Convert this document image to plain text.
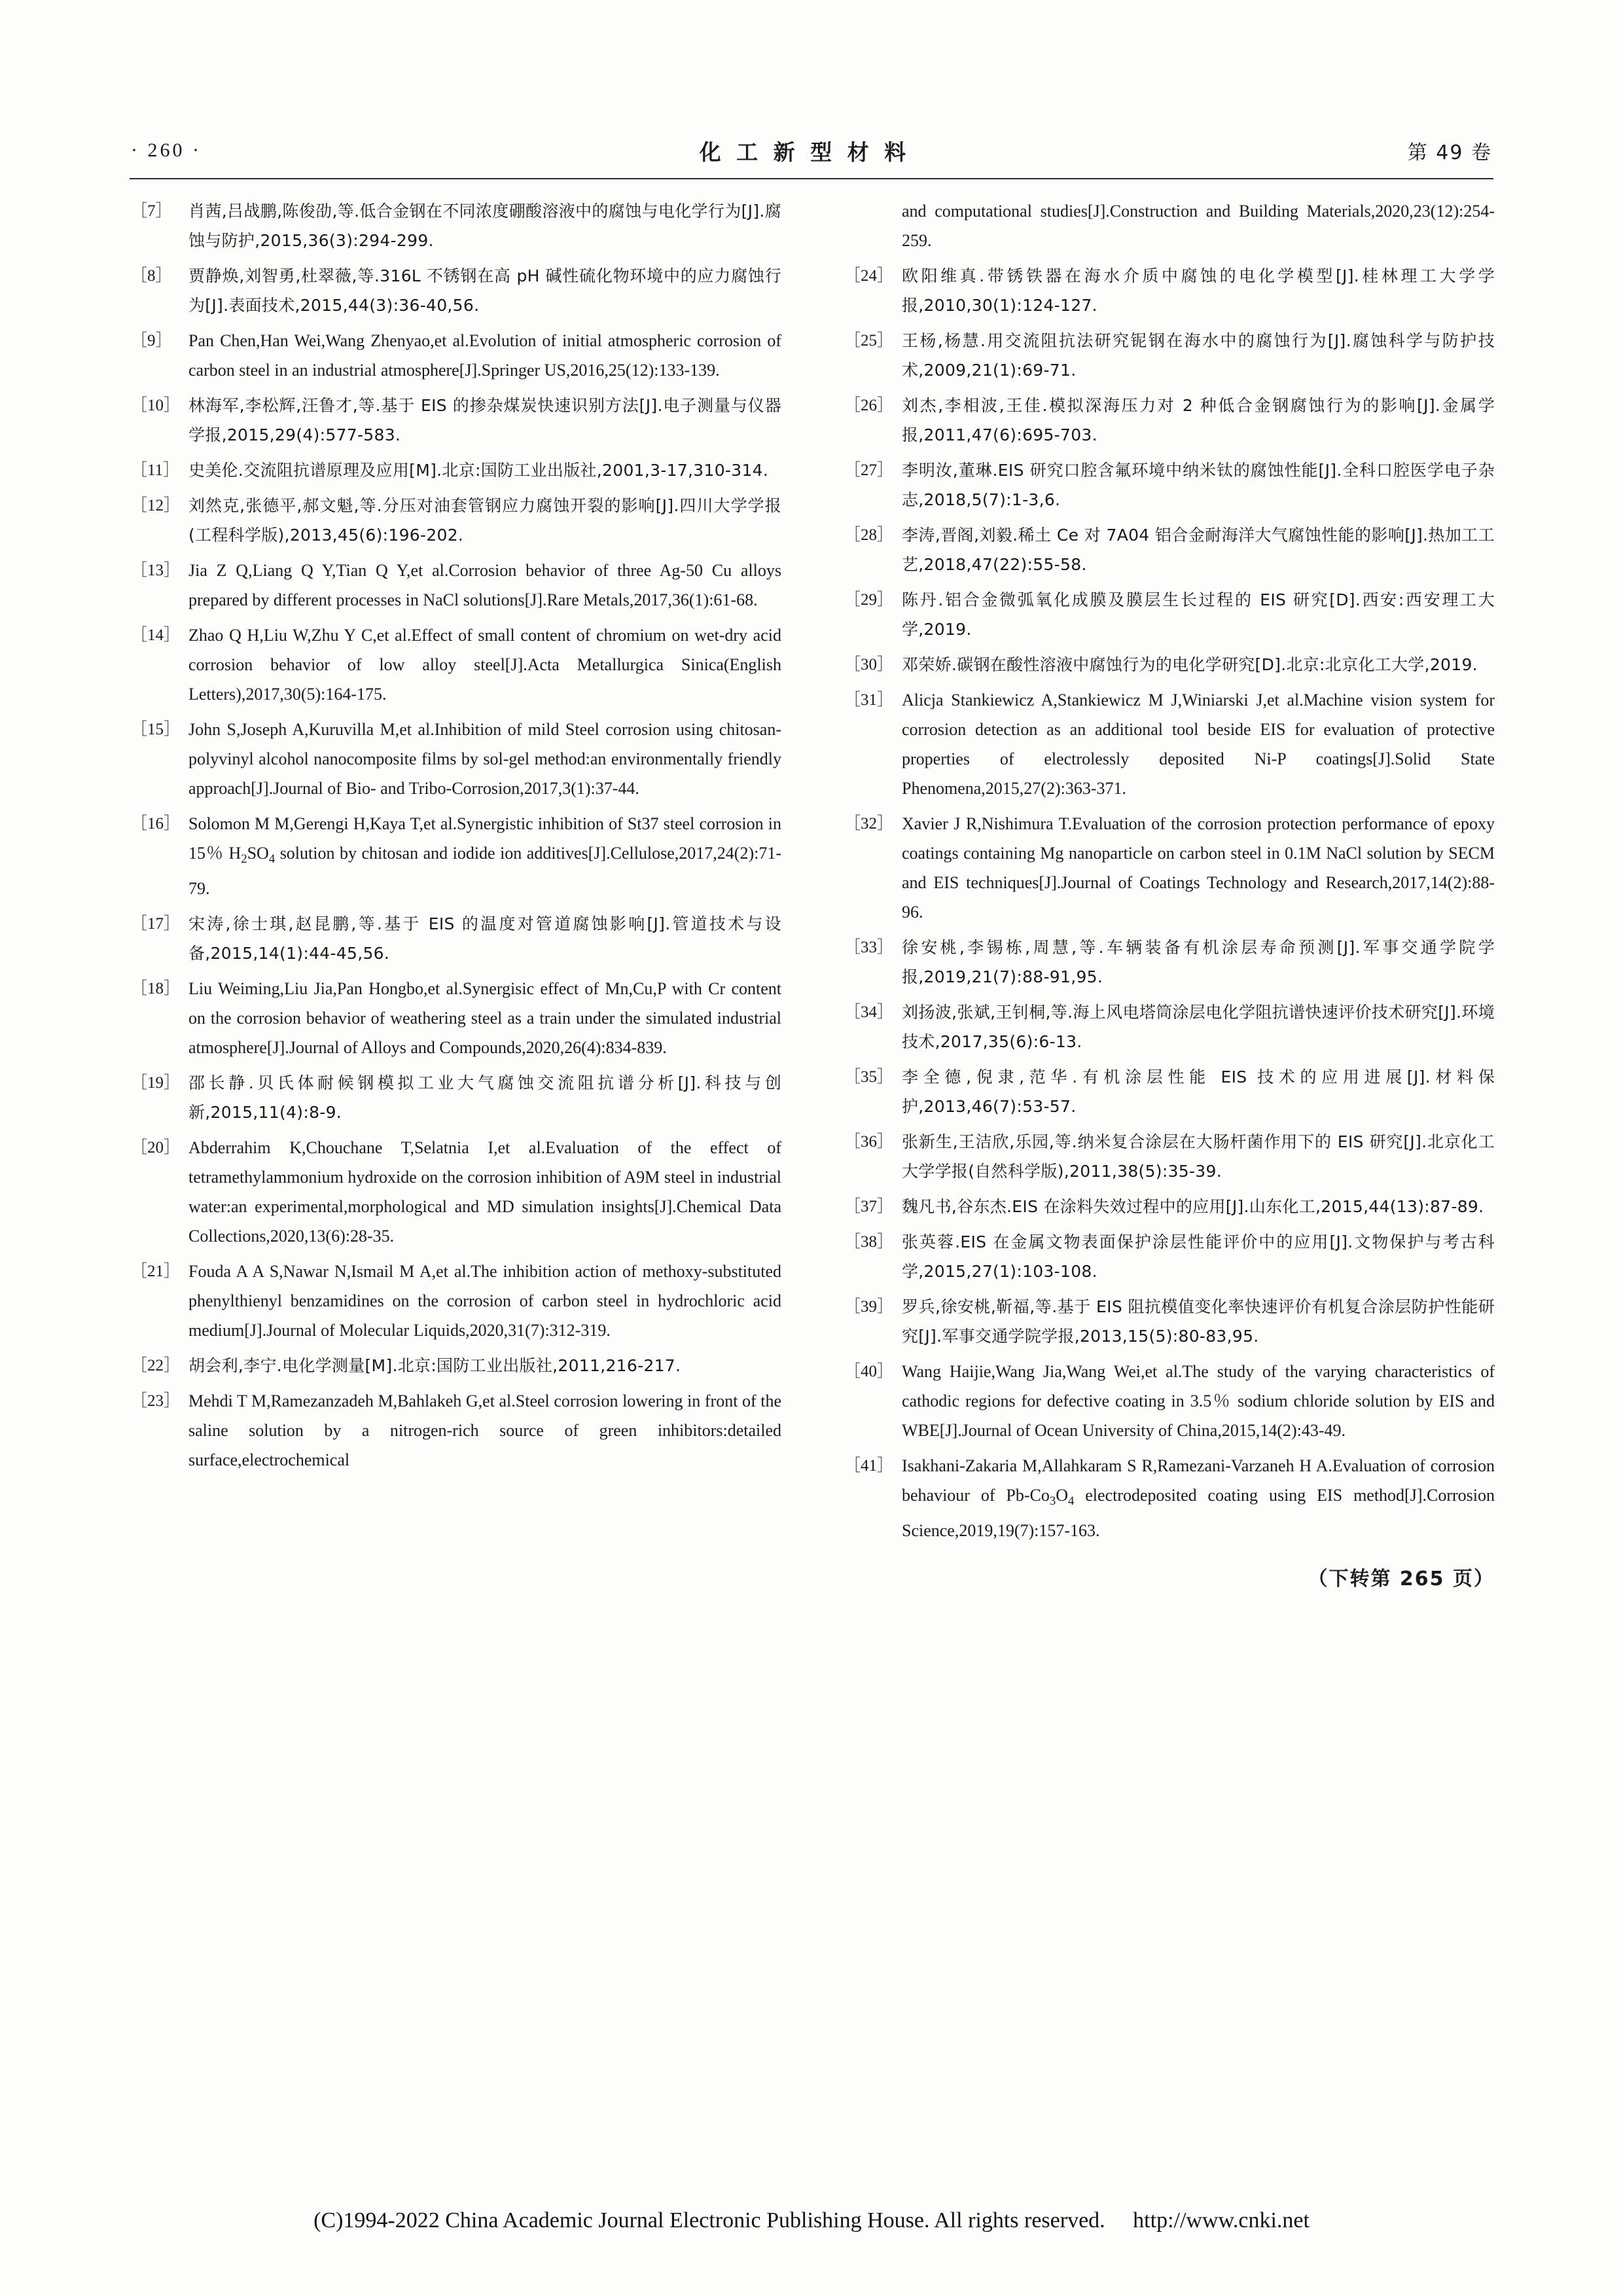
· 260 ·	化 工 新 型 材 料	第 49 卷
［7］	肖茜,吕战鹏,陈俊劭,等.低合金钢在不同浓度硼酸溶液中的腐蚀与电化学行为[J].腐蚀与防护,2015,36(3):294-299.
［8］	贾静焕,刘智勇,杜翠薇,等.316L 不锈钢在高 pH 碱性硫化物环境中的应力腐蚀行为[J].表面技术,2015,44(3):36-40,56.
［9］ Pan Chen,Han Wei,Wang Zhenyao,et al.Evolution of initial atmospheric corrosion of carbon steel in an industrial atmosphere[J].Springer US,2016,25(12):133-139.
［10］ 林海军,李松辉,汪鲁才,等.基于 EIS 的掺杂煤炭快速识别方法[J].电子测量与仪器学报,2015,29(4):577-583.
［11］ 史美伦.交流阻抗谱原理及应用[M].北京:国防工业出版社,2001,3-17,310-314.
［12］ 刘然克,张德平,郝文魁,等.分压对油套管钢应力腐蚀开裂的影响[J].四川大学学报(工程科学版),2013,45(6):196-202.
［13］ Jia Z Q,Liang Q Y,Tian Q Y,et al.Corrosion behavior of three Ag-50 Cu alloys prepared by different processes in NaCl solutions[J].Rare Metals,2017,36(1):61-68.
［14］ Zhao Q H,Liu W,Zhu Y C,et al.Effect of small content of chromium on wet-dry acid corrosion behavior of low alloy steel[J].Acta Metallurgica Sinica(English Letters),2017,30(5):164-175.
［15］ John S,Joseph A,Kuruvilla M,et al.Inhibition of mild Steel corrosion using chitosan-polyvinyl alcohol nanocomposite films by sol-gel method:an environmentally friendly approach[J].Journal of Bio- and Tribo-Corrosion,2017,3(1):37-44.
［16］ Solomon M M,Gerengi H,Kaya T,et al.Synergistic inhibition of St37 steel corrosion in 15％ $H_2SO_4$ solution by chitosan and iodide ion additives[J].Cellulose,2017,24(2):71-79.
［17］ 宋涛,徐士琪,赵昆鹏,等.基于 EIS 的温度对管道腐蚀影响[J].管道技术与设备,2015,14(1):44-45,56.
［18］ Liu Weiming,Liu Jia,Pan Hongbo,et al.Synergisic effect of Mn,Cu,P with Cr content on the corrosion behavior of weathering steel as a train under the simulated industrial atmosphere[J].Journal of Alloys and Compounds,2020,26(4):834-839.
［19］ 邵长静.贝氏体耐候钢模拟工业大气腐蚀交流阻抗谱分析[J].科技与创新,2015,11(4):8-9.
［20］ Abderrahim K,Chouchane T,Selatnia I,et al.Evaluation of the effect of tetramethylammonium hydroxide on the corrosion inhibition of A9M steel in industrial water:an experimental,morphological and MD simulation insights[J].Chemical Data Collections,2020,13(6):28-35.
［21］ Fouda A A S,Nawar N,Ismail M A,et al.The inhibition action of methoxy-substituted phenylthienyl benzamidines on the corrosion of carbon steel in hydrochloric acid medium[J].Journal of Molecular Liquids,2020,31(7):312-319.
［22］ 胡会利,李宁.电化学测量[M].北京:国防工业出版社,2011,216-217.
［23］ Mehdi T M,Ramezanzadeh M,Bahlakeh G,et al.Steel corrosion lowering in front of the saline solution by a nitrogen-rich source of green inhibitors:detailed surface,electrochemical
and computational studies[J].Construction and Building Materials,2020,23(12):254-259.
［24］ 欧阳维真.带锈铁器在海水介质中腐蚀的电化学模型[J].桂林理工大学学报,2010,30(1):124-127.
［25］ 王杨,杨慧.用交流阻抗法研究铌钢在海水中的腐蚀行为[J].腐蚀科学与防护技术,2009,21(1):69-71.
［26］ 刘杰,李相波,王佳.模拟深海压力对 2 种低合金钢腐蚀行为的影响[J].金属学报,2011,47(6):695-703.
［27］ 李明汝,董琳.EIS 研究口腔含氟环境中纳米钛的腐蚀性能[J].全科口腔医学电子杂志,2018,5(7):1-3,6.
［28］ 李涛,晋阁,刘毅.稀土 Ce 对 7A04 铝合金耐海洋大气腐蚀性能的影响[J].热加工工艺,2018,47(22):55-58.
［29］ 陈丹.铝合金微弧氧化成膜及膜层生长过程的 EIS 研究[D].西安:西安理工大学,2019.
［30］ 邓荣娇.碳钢在酸性溶液中腐蚀行为的电化学研究[D].北京:北京化工大学,2019.
［31］ Alicja Stankiewicz A,Stankiewicz M J,Winiarski J,et al.Machine vision system for corrosion detection as an additional tool beside EIS for evaluation of protective properties of electrolessly deposited Ni-P coatings[J].Solid State Phenomena,2015,27(2):363-371.
［32］ Xavier J R,Nishimura T.Evaluation of the corrosion protection performance of epoxy coatings containing Mg nanoparticle on carbon steel in 0.1M NaCl solution by SECM and EIS techniques[J].Journal of Coatings Technology and Research,2017,14(2):88-96.
［33］ 徐安桃,李锡栋,周慧,等.车辆装备有机涂层寿命预测[J].军事交通学院学报,2019,21(7):88-91,95.
［34］ 刘扬波,张斌,王钊桐,等.海上风电塔筒涂层电化学阻抗谱快速评价技术研究[J].环境技术,2017,35(6):6-13.
［35］ 李全德,倪隶,范华.有机涂层性能 EIS 技术的应用进展[J].材料保护,2013,46(7):53-57.
［36］ 张新生,王洁欣,乐园,等.纳米复合涂层在大肠杆菌作用下的 EIS 研究[J].北京化工大学学报(自然科学版),2011,38(5):35-39.
［37］ 魏凡书,谷东杰.EIS 在涂料失效过程中的应用[J].山东化工,2015,44(13):87-89.
［38］ 张英蓉.EIS 在金属文物表面保护涂层性能评价中的应用[J].文物保护与考古科学,2015,27(1):103-108.
［39］ 罗兵,徐安桃,靳福,等.基于 EIS 阻抗模值变化率快速评价有机复合涂层防护性能研究[J].军事交通学院学报,2013,15(5):80-83,95.
［40］ Wang Haijie,Wang Jia,Wang Wei,et al.The study of the varying characteristics of cathodic regions for defective coating in 3.5％ sodium chloride solution by EIS and WBE[J].Journal of Ocean University of China,2015,14(2):43-49.
［41］ Isakhani-Zakaria M,Allahkaram S R,Ramezani-Varzaneh H A.Evaluation of corrosion behaviour of $Pb-Co_3O_4$ electrodeposited coating using EIS method[J].Corrosion Science,2019,19(7):157-163.
（下转第 265 页）
(C)1994-2022 China Academic Journal Electronic Publishing House. All rights reserved. http://www.cnki.net
